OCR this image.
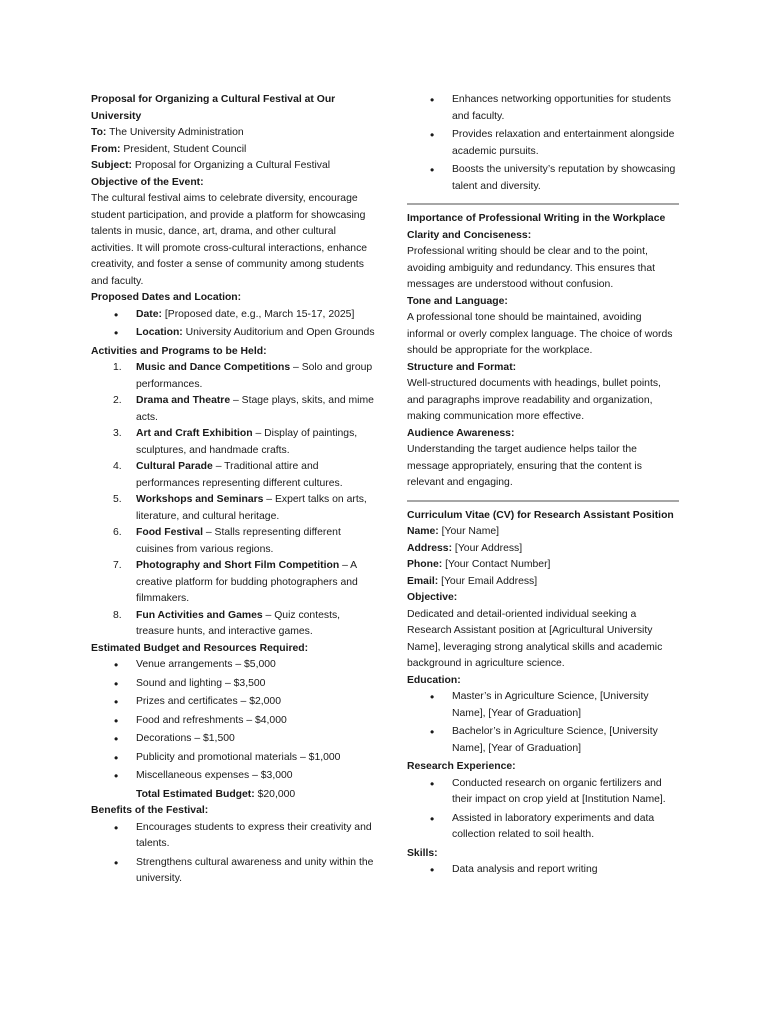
Proposal for Organizing a Cultural Festival at Our University

To: The University Administration

From: President, Student Council

Subject: Proposal for Organizing a Cultural Festival

Objective of the Event:

The cultural festival aims to celebrate diversity, encourage student participation, and provide a platform for showcasing talents in music, dance, art, drama, and other cultural activities. It will promote cross-cultural interactions, enhance creativity, and foster a sense of community among students and faculty.

Proposed Dates and Location:

• Date: [Proposed date, e.g., March 15-17, 2025]
• Location: University Auditorium and Open Grounds

Activities and Programs to be Held:

1. Music and Dance Competitions – Solo and group performances.
2. Drama and Theatre – Stage plays, skits, and mime acts.
3. Art and Craft Exhibition – Display of paintings, sculptures, and handmade crafts.
4. Cultural Parade – Traditional attire and performances representing different cultures.
5. Workshops and Seminars – Expert talks on arts, literature, and cultural heritage.
6. Food Festival – Stalls representing different cuisines from various regions.
7. Photography and Short Film Competition – A creative platform for budding photographers and filmmakers.
8. Fun Activities and Games – Quiz contests, treasure hunts, and interactive games.

Estimated Budget and Resources Required:

• Venue arrangements – $5,000
• Sound and lighting – $3,500
• Prizes and certificates – $2,000
• Food and refreshments – $4,000
• Decorations – $1,500
• Publicity and promotional materials – $1,000
• Miscellaneous expenses – $3,000

Total Estimated Budget: $20,000

Benefits of the Festival:

• Encourages students to express their creativity and talents.
• Strengthens cultural awareness and unity within the university.
• Enhances networking opportunities for students and faculty.
• Provides relaxation and entertainment alongside academic pursuits.
• Boosts the university’s reputation by showcasing talent and diversity.

Importance of Professional Writing in the Workplace

Clarity and Conciseness:

Professional writing should be clear and to the point, avoiding ambiguity and redundancy. This ensures that messages are understood without confusion.

Tone and Language:

A professional tone should be maintained, avoiding informal or overly complex language. The choice of words should be appropriate for the workplace.

Structure and Format:

Well-structured documents with headings, bullet points, and paragraphs improve readability and organization, making communication more effective.

Audience Awareness:

Understanding the target audience helps tailor the message appropriately, ensuring that the content is relevant and engaging.

Curriculum Vitae (CV) for Research Assistant Position

Name: [Your Name]

Address: [Your Address]

Phone: [Your Contact Number]

Email: [Your Email Address]

Objective:

Dedicated and detail-oriented individual seeking a Research Assistant position at [Agricultural University Name], leveraging strong analytical skills and academic background in agriculture science.

Education:

• Master’s in Agriculture Science, [University Name], [Year of Graduation]
• Bachelor’s in Agriculture Science, [University Name], [Year of Graduation]

Research Experience:

• Conducted research on organic fertilizers and their impact on crop yield at [Institution Name].
• Assisted in laboratory experiments and data collection related to soil health.

Skills:

• Data analysis and report writing
